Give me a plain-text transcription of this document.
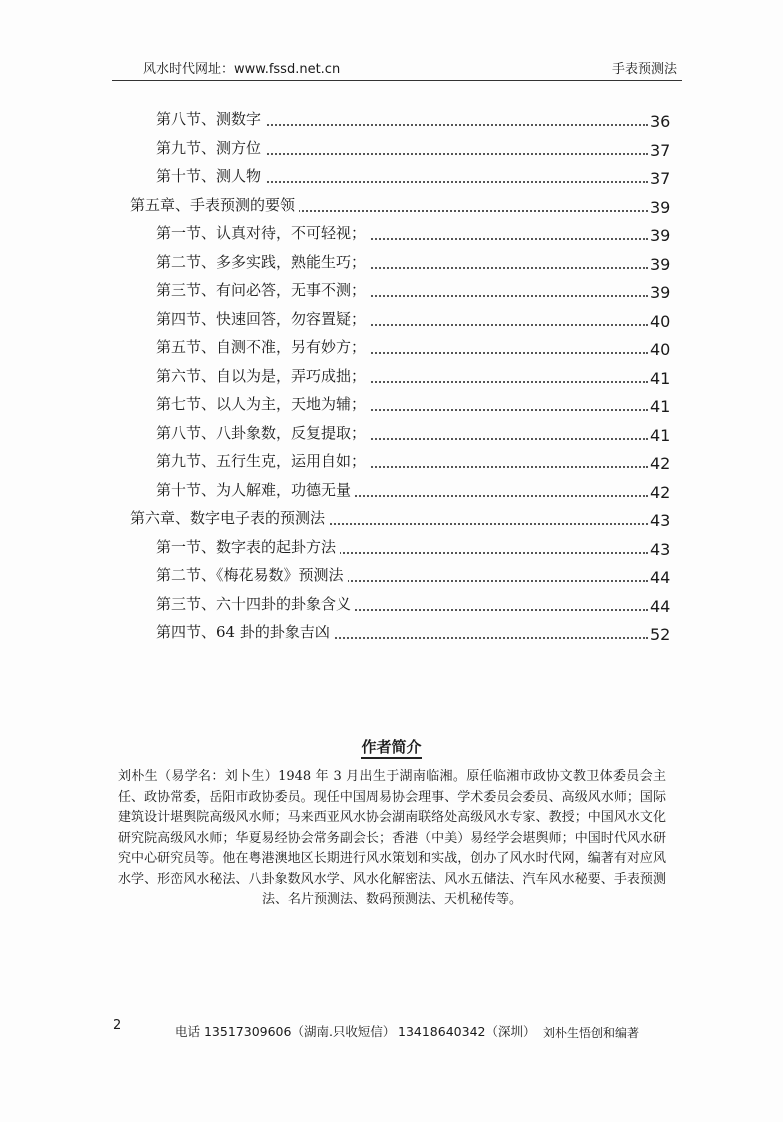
风水时代网址：www.fssd.net.cn	手表预测法
第八节、测数字	36
第九节、测方位	37
第十节、测人物	37
第五章、手表预测的要领	39
第一节、认真对待，不可轻视；	39
第二节、多多实践，熟能生巧；	39
第三节、有问必答，无事不测；	39
第四节、快速回答，勿容置疑；	40
第五节、自测不准，另有妙方；	40
第六节、自以为是，弄巧成拙；	41
第七节、以人为主，天地为辅；	41
第八节、八卦象数，反复提取；	41
第九节、五行生克，运用自如；	42
第十节、为人解难，功德无量	42
第六章、数字电子表的预测法	43
第一节、数字表的起卦方法	43
第二节、《梅花易数》预测法	44
第三节、六十四卦的卦象含义	44
第四节、64 卦的卦象吉凶	52
作者简介
刘朴生（易学名：刘卜生）1948 年 3 月出生于湖南临湘。原任临湘市政协文教卫体委员会主任、政协常委，岳阳市政协委员。现任中国周易协会理事、学术委员会委员、高级风水师；国际建筑设计堪舆院高级风水师；马来西亚风水协会湖南联络处高级风水专家、教授；中国风水文化研究院高级风水师；华夏易经协会常务副会长；香港（中美）易经学会堪舆师；中国时代风水研究中心研究员等。他在粤港澳地区长期进行风水策划和实战，创办了风水时代网，编著有对应风水学、形峦风水秘法、八卦象数风水学、风水化解密法、风水五储法、汽车风水秘要、手表预测法、名片预测法、数码预测法、天机秘传等。
2	电话 13517309606（湖南.只收短信） 13418640342（深圳） 刘朴生悟创和编著
